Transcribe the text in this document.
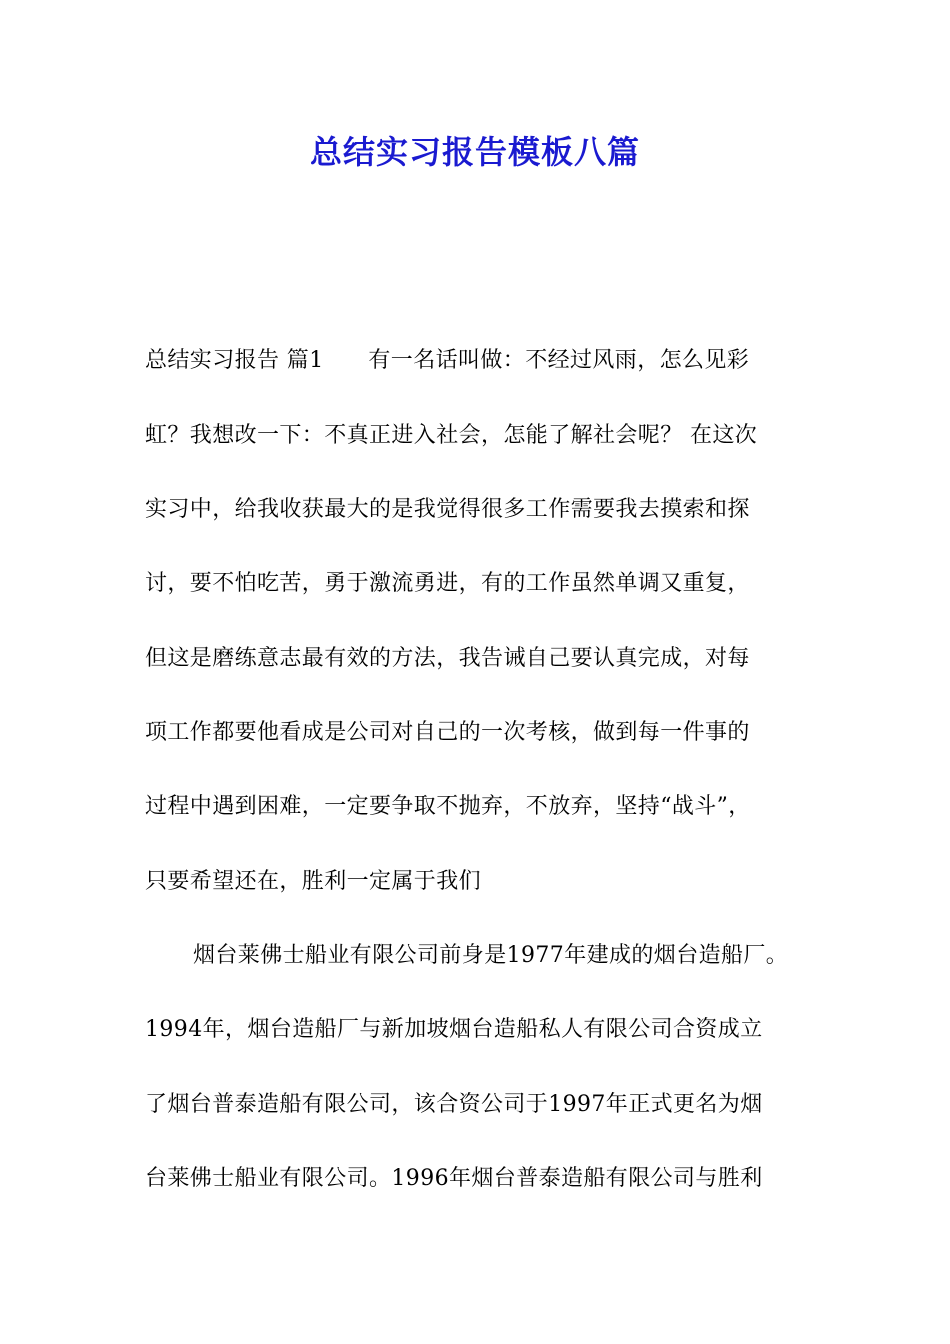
总结实习报告模板八篇
总结实习报告 篇1　　有一名话叫做：不经过风雨，怎么见彩
虹？我想改一下：不真正进入社会，怎能了解社会呢？ 在这次
实习中，给我收获最大的是我觉得很多工作需要我去摸索和探
讨，要不怕吃苦，勇于激流勇进，有的工作虽然单调又重复，
但这是磨练意志最有效的方法，我告诫自己要认真完成，对每
项工作都要他看成是公司对自己的一次考核，做到每一件事的
过程中遇到困难，一定要争取不抛弃，不放弃，坚持“战斗”，
只要希望还在，胜利一定属于我们
烟台莱佛士船业有限公司前身是1977年建成的烟台造船厂。
1994年，烟台造船厂与新加坡烟台造船私人有限公司合资成立
了烟台普泰造船有限公司，该合资公司于1997年正式更名为烟
台莱佛士船业有限公司。1996年烟台普泰造船有限公司与胜利
